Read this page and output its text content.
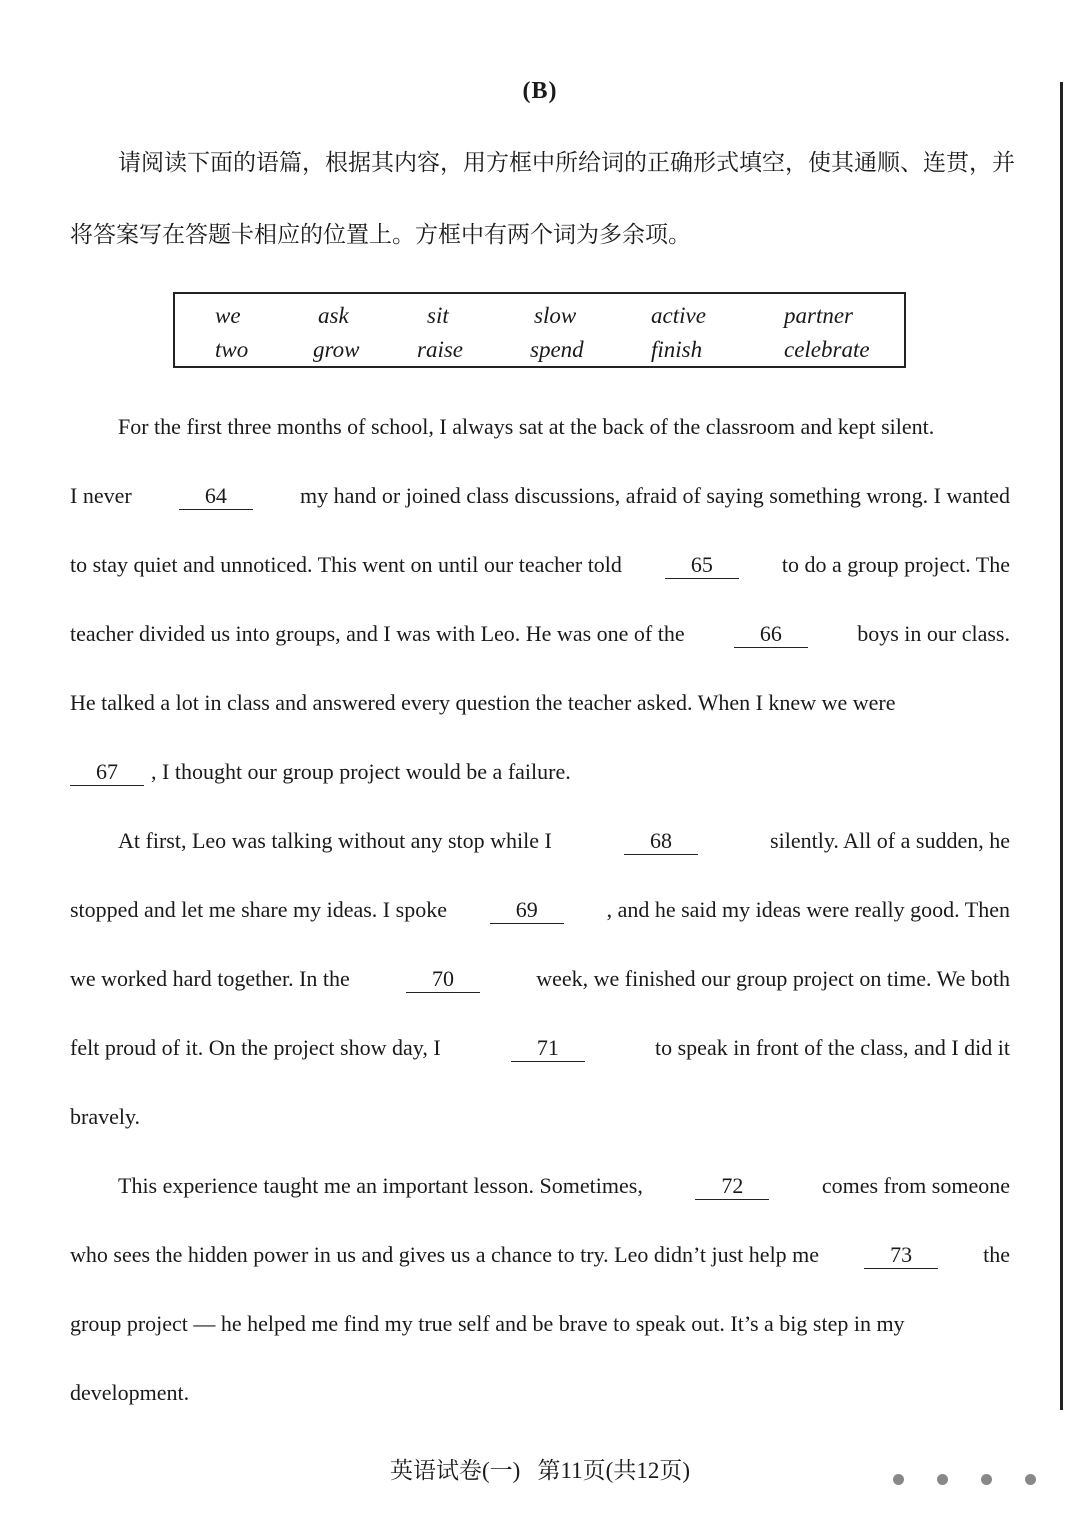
(B)
请阅读下面的语篇，根据其内容，用方框中所给词的正确形式填空，使其通顺、连贯，并
将答案写在答题卡相应的位置上。方框中有两个词为多余项。
we	ask	sit	slow	active	partner
two	grow	raise	spend	finish	celebrate
For the first three months of school, I always sat at the back of the classroom and kept silent.
I never	64	my hand or joined class discussions, afraid of saying something wrong. I wanted
to stay quiet and unnoticed. This went on until our teacher told	65	to do a group project. The
teacher divided us into groups, and I was with Leo. He was one of the	66	boys in our class.
He talked a lot in class and answered every question the teacher asked. When I knew we were
67	, I thought our group project would be a failure.
At first, Leo was talking without any stop while I	68	silently. All of a sudden, he
stopped and let me share my ideas. I spoke	69	, and he said my ideas were really good. Then
we worked hard together. In the	70	week, we finished our group project on time. We both
felt proud of it. On the project show day, I	71	to speak in front of the class, and I did it
bravely.
This experience taught me an important lesson. Sometimes,	72	comes from someone
who sees the hidden power in us and gives us a chance to try. Leo didn’t just help me	73	the
group project — he helped me find my true self and be brave to speak out. It’s a big step in my
development.
英语试卷(一)   第11页(共12页)
